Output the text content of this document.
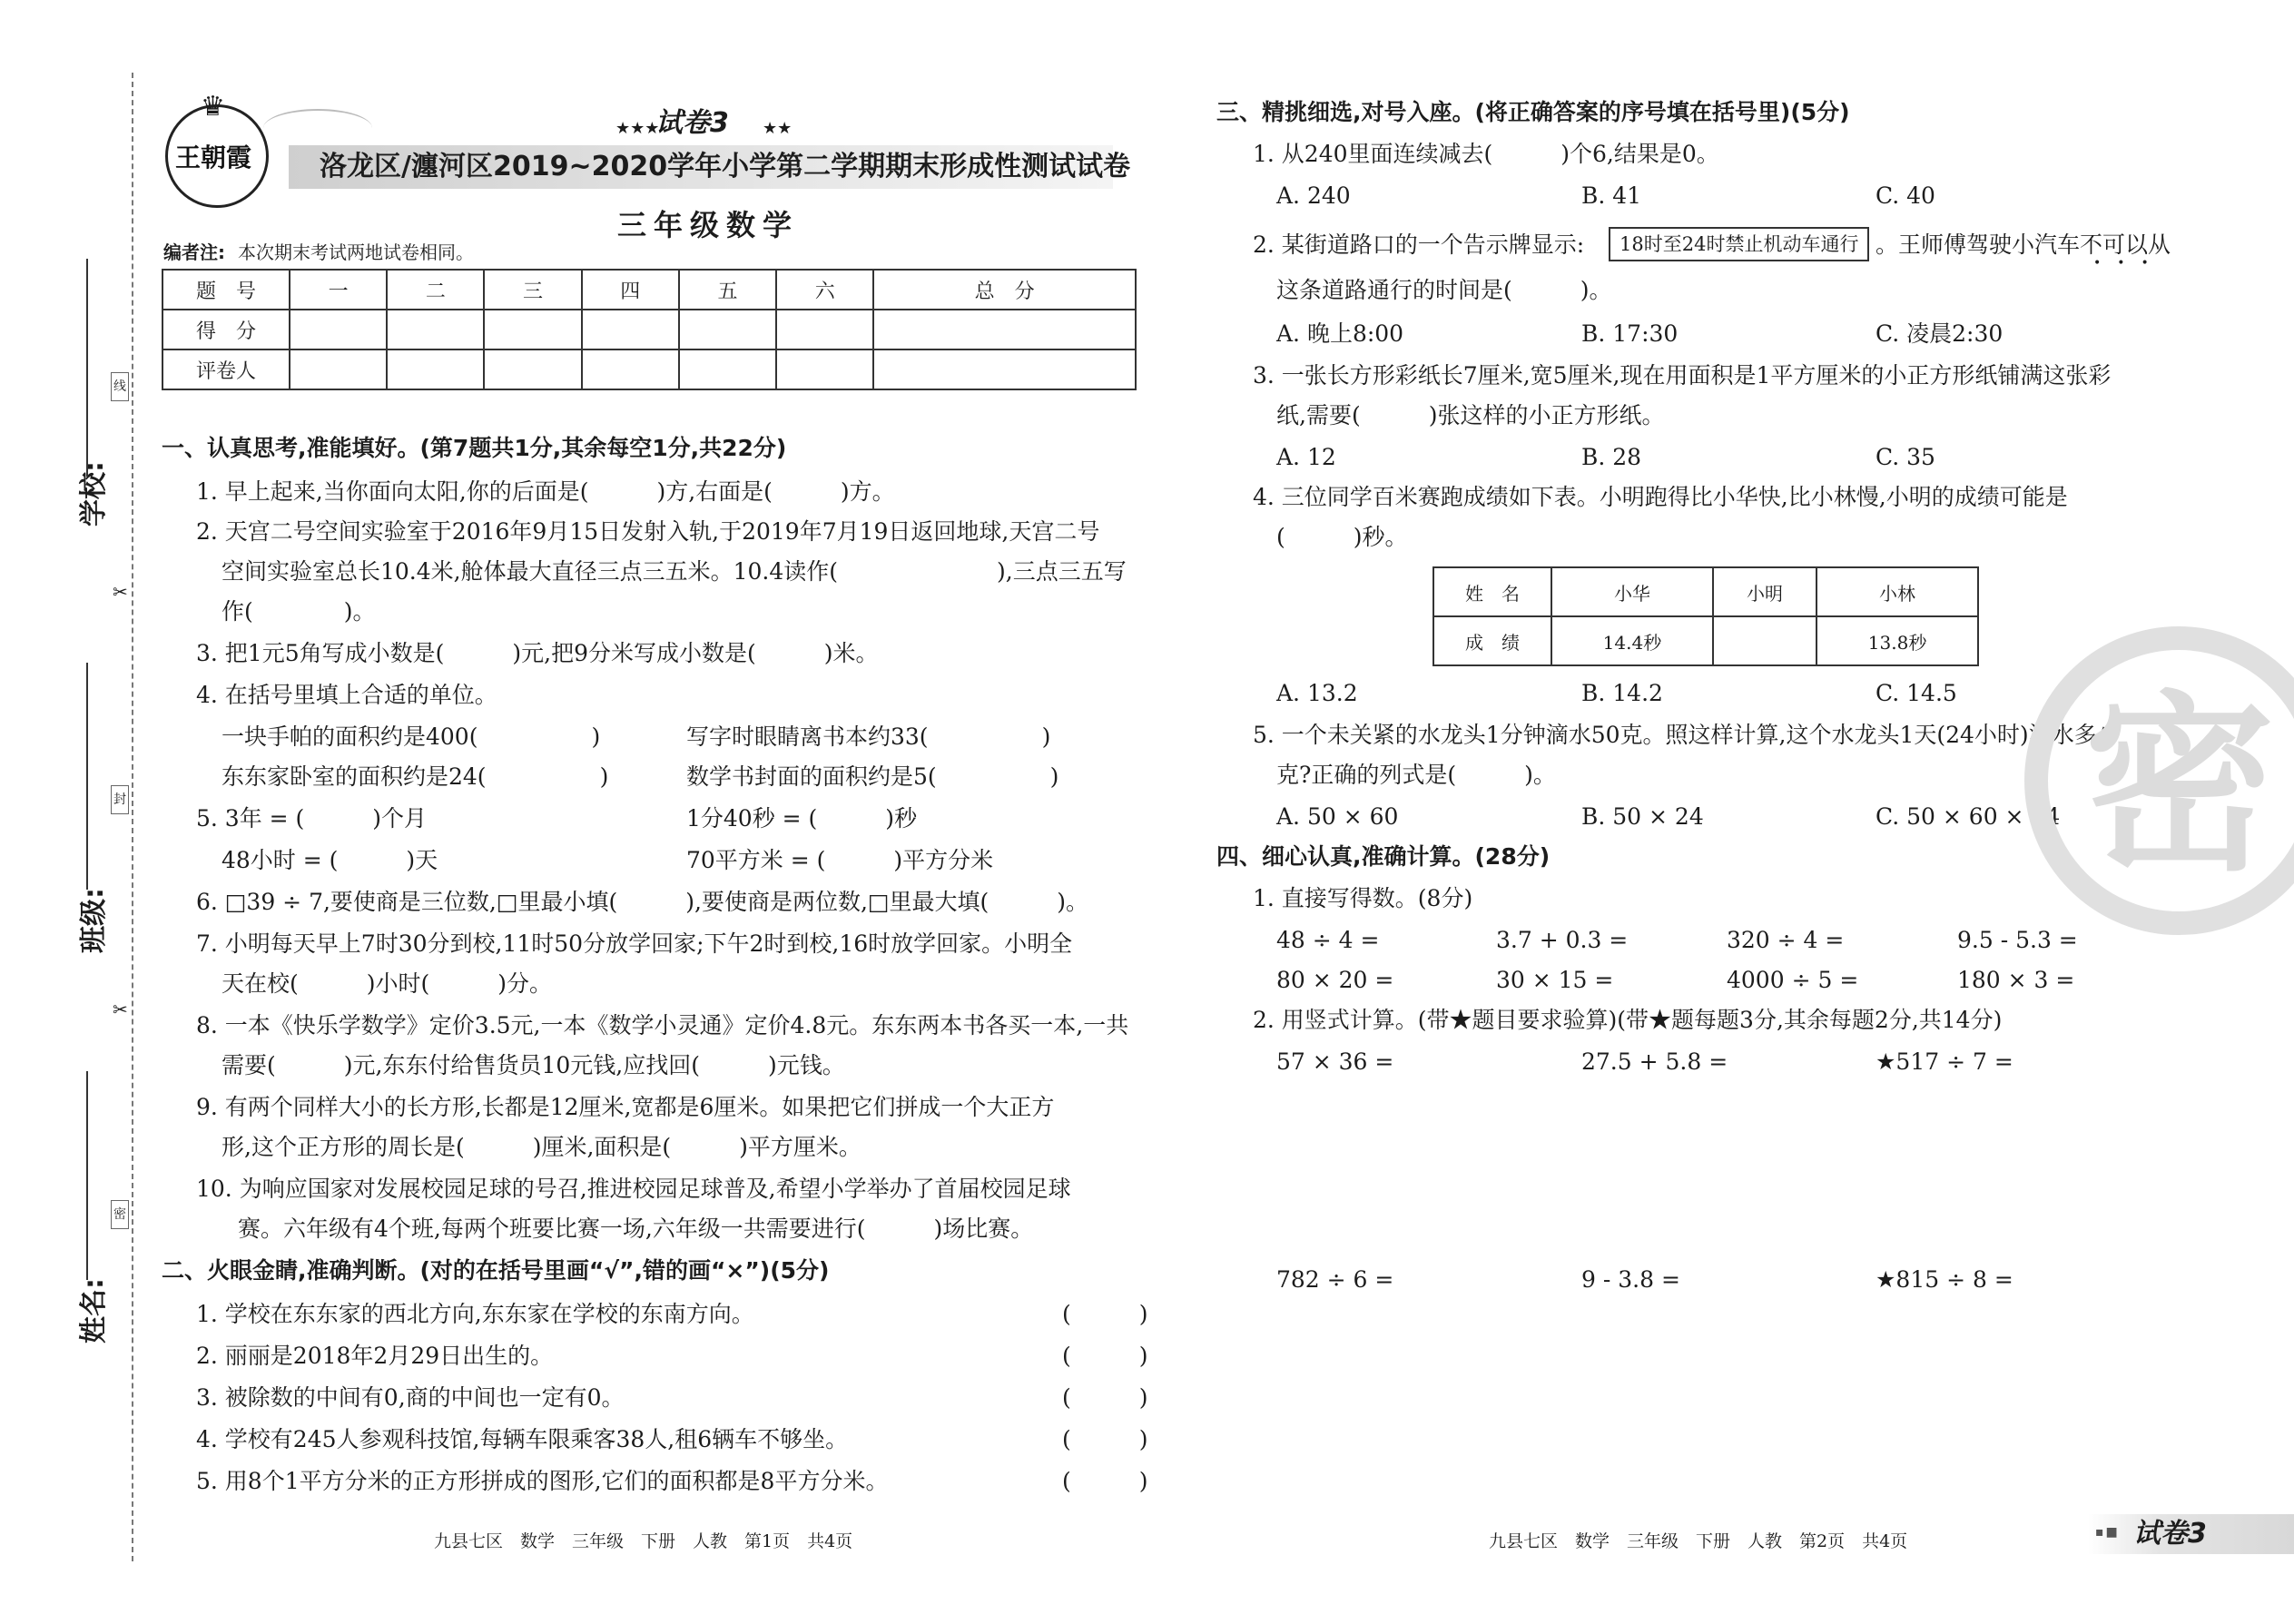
学校:
班级:
姓名:
线
封
密
✂
✂
♛
王朝霞
★★★
试卷3 ★★
洛龙区/瀍河区2019~2020学年小学第二学期期末形成性测试试卷
三年级数学
编者注: 本次期末考试两地试卷相同。
题　号	一	二	三	四	五	六	总　分
得　分							
评卷人							
一、认真思考,准能填好。(第7题共1分,其余每空1分,共22分)
1. 早上起来,当你面向太阳,你的后面是(　　　)方,右面是(　　　)方。
2. 天宫二号空间实验室于2016年9月15日发射入轨,于2019年7月19日返回地球,天宫二号
空间实验室总长10.4米,舱体最大直径三点三五米。10.4读作(　　　　　　　),三点三五写
作(　　　　)。
3. 把1元5角写成小数是(　　　)元,把9分米写成小数是(　　　)米。
4. 在括号里填上合适的单位。
一块手帕的面积约是400(　　　　　)	写字时眼睛离书本约33(　　　　　)
东东家卧室的面积约是24(　　　　　)	数学书封面的面积约是5(　　　　　)
5. 3年 = (　　　)个月	1分40秒 = (　　　)秒
48小时 = (　　　)天	70平方米 = (　　　)平方分米
6. □39 ÷ 7,要使商是三位数,□里最小填(　　　),要使商是两位数,□里最大填(　　　)。
7. 小明每天早上7时30分到校,11时50分放学回家;下午2时到校,16时放学回家。小明全
天在校(　　　)小时(　　　)分。
8. 一本《快乐学数学》定价3.5元,一本《数学小灵通》定价4.8元。东东两本书各买一本,一共
需要(　　　)元,东东付给售货员10元钱,应找回(　　　)元钱。
9. 有两个同样大小的长方形,长都是12厘米,宽都是6厘米。如果把它们拼成一个大正方
形,这个正方形的周长是(　　　)厘米,面积是(　　　)平方厘米。
10. 为响应国家对发展校园足球的号召,推进校园足球普及,希望小学举办了首届校园足球
赛。六年级有4个班,每两个班要比赛一场,六年级一共需要进行(　　　)场比赛。
二、火眼金睛,准确判断。(对的在括号里画“√”,错的画“×”)(5分)
1. 学校在东东家的西北方向,东东家在学校的东南方向。	(　　　)
2. 丽丽是2018年2月29日出生的。	(　　　)
3. 被除数的中间有0,商的中间也一定有0。	(　　　)
4. 学校有245人参观科技馆,每辆车限乘客38人,租6辆车不够坐。	(　　　)
5. 用8个1平方分米的正方形拼成的图形,它们的面积都是8平方分米。	(　　　)
九县七区　数学　三年级　下册　人教　第1页　共4页
三、精挑细选,对号入座。(将正确答案的序号填在括号里)(5分)
1. 从240里面连续减去(　　　)个6,结果是0。
A. 240	B. 41	C. 40
2. 某街道路口的一个告示牌显示:	18时至24时禁止机动车通行 。王师傅驾驶小汽车不可以从
•••
这条道路通行的时间是(　　　)。
A. 晚上8:00	B. 17:30	C. 凌晨2:30
3. 一张长方形彩纸长7厘米,宽5厘米,现在用面积是1平方厘米的小正方形纸铺满这张彩
纸,需要(　　　)张这样的小正方形纸。
A. 12	B. 28	C. 35
4. 三位同学百米赛跑成绩如下表。小明跑得比小华快,比小林慢,小明的成绩可能是
(　　　)秒。
姓　名	小华	小明	小林
成　绩	14.4秒		13.8秒
A. 13.2	B. 14.2	C. 14.5
5. 一个未关紧的水龙头1分钟滴水50克。照这样计算,这个水龙头1天(24小时)滴水多少
克?正确的列式是(　　　)。
A. 50 × 60	B. 50 × 24	C. 50 × 60 × 24 密
四、细心认真,准确计算。(28分)
1. 直接写得数。(8分)
48 ÷ 4 =	3.7 + 0.3 =	320 ÷ 4 =	9.5 - 5.3 =
80 × 20 =	30 × 15 =	4000 ÷ 5 =	180 × 3 =
2. 用竖式计算。(带★题目要求验算)(带★题每题3分,其余每题2分,共14分)
57 × 36 =	27.5 + 5.8 =	★517 ÷ 7 =
782 ÷ 6 =	9 - 3.8 =	★815 ÷ 8 =
九县七区　数学　三年级　下册　人教　第2页　共4页	▪■ 试卷3
